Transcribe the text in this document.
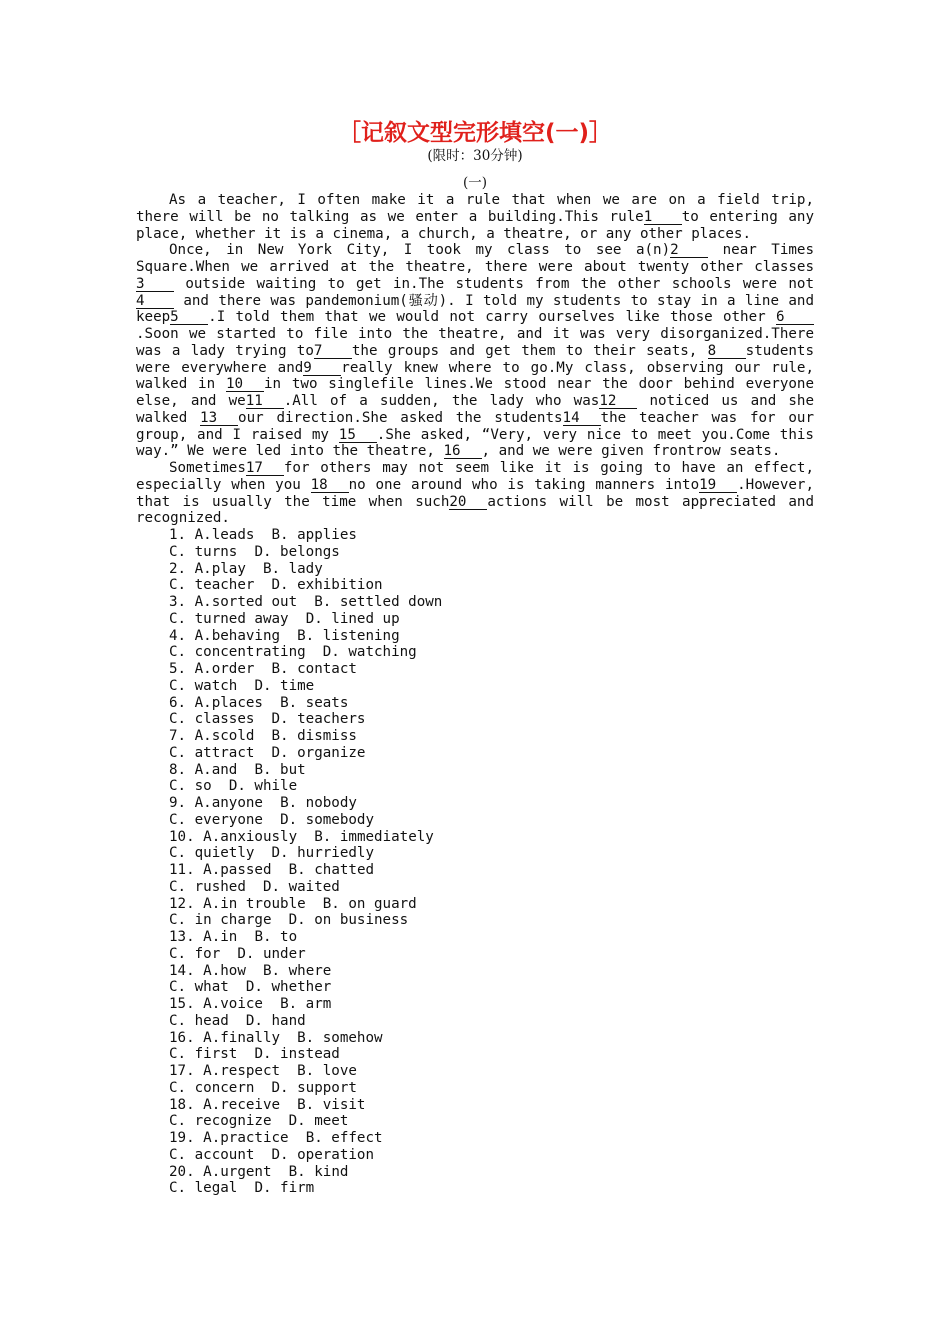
［记叙文型完形填空(一)］

(限时：30分钟)

(一)

As a teacher, I often make it a rule that when we are on a field trip, there will be no talking as we enter a building.This rule1 to entering any place, whether it is a cinema, a church, a theatre, or any other places.

Once, in New York City, I took my class to see a(n)2 near Times Square.When we arrived at the theatre, there were about twenty other classes 3 outside waiting to get in.The students from the other schools were not4 and there was pandemonium(骚动). I told my students to stay in a line and keep5 .I told them that we would not carry ourselves like those other 6.Soon we started to file into the theatre, and it was very disorganized.There was a lady trying to7 the groups and get them to their seats, 8 students were everywhere and9 really knew where to go.My class, observing our rule, walked in 10 in two singlefile lines.We stood near the door behind everyone else, and we11 .All of a sudden, the lady who was12 noticed us and she walked 13 our direction.She asked the students14 the teacher was for our group, and I raised my 15 .She asked, “Very, very nice to meet you.Come this way.” We were led into the theatre, 16 , and we were given frontrow seats.

Sometimes17 for others may not seem like it is going to have an effect, especially when you 18 no one around who is taking manners into19 .However, that is usually the time when such20 actions will be most appreciated and recognized.

1. A.leads B. applies
C. turns D. belongs
2. A.play B. lady
C. teacher D. exhibition
3. A.sorted out B. settled down
C. turned away D. lined up
4. A.behaving B. listening
C. concentrating D. watching
5. A.order B. contact
C. watch D. time
6. A.places B. seats
C. classes D. teachers
7. A.scold B. dismiss
C. attract D. organize
8. A.and B. but
C. so D. while
9. A.anyone B. nobody
C. everyone D. somebody
10. A.anxiously B. immediately
C. quietly D. hurriedly
11. A.passed B. chatted
C. rushed D. waited
12. A.in trouble B. on guard
C. in charge D. on business
13. A.in B. to
C. for D. under
14. A.how B. where
C. what D. whether
15. A.voice B. arm
C. head D. hand
16. A.finally B. somehow
C. first D. instead
17. A.respect B. love
C. concern D. support
18. A.receive B. visit
C. recognize D. meet
19. A.practice B. effect
C. account D. operation
20. A.urgent B. kind
C. legal D. firm
